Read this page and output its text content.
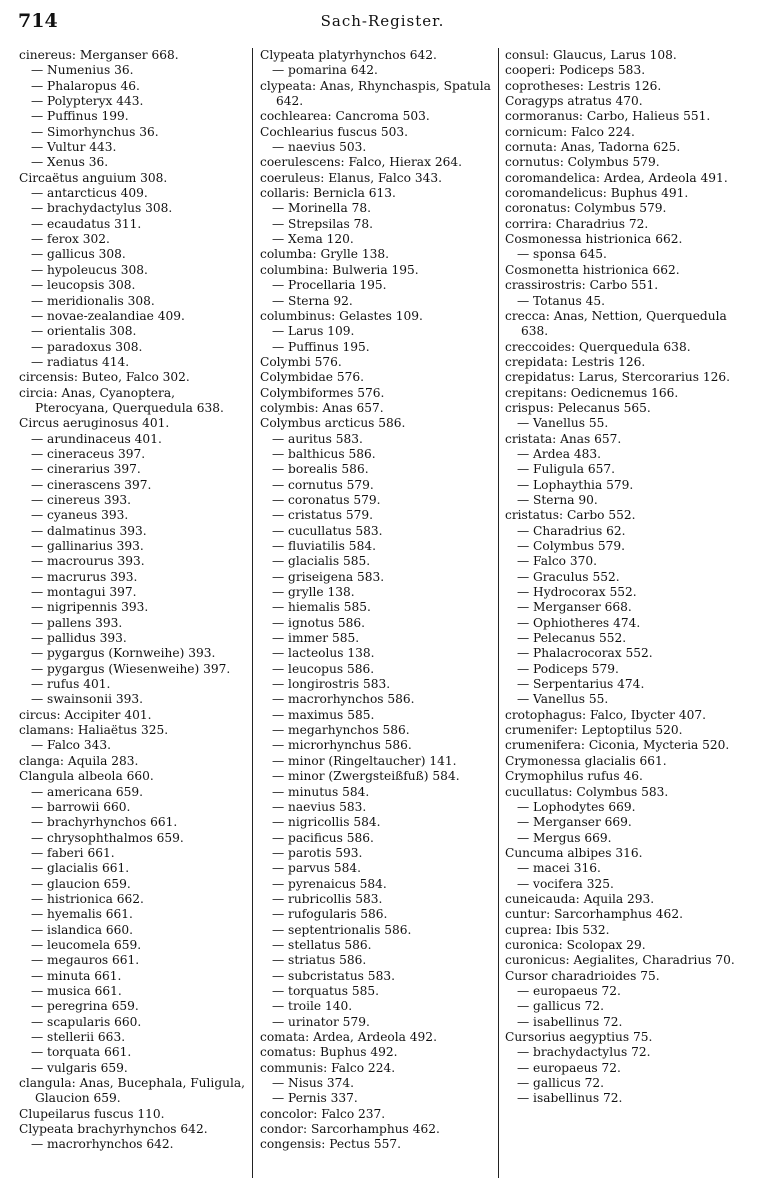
714	Sach-Register.
cinereus: Merganser 668.
— Numenius 36.
— Phalaropus 46.
— Polypteryx 443.
— Puffinus 199.
— Simorhynchus 36.
— Vultur 443.
— Xenus 36.
Circaëtus anguium 308.
— antarcticus 409.
— brachydactylus 308.
— ecaudatus 311.
— ferox 302.
— gallicus 308.
— hypoleucus 308.
— leucopsis 308.
— meridionalis 308.
— novae-zealandiae 409.
— orientalis 308.
— paradoxus 308.
— radiatus 414.
circensis: Buteo, Falco 302.
circia: Anas, Cyanoptera, Pterocyana, Querquedula 638.
Circus aeruginosus 401.
— arundinaceus 401.
— cineraceus 397.
— cinerarius 397.
— cinerascens 397.
— cinereus 393.
— cyaneus 393.
— dalmatinus 393.
— gallinarius 393.
— macrourus 393.
— macrurus 393.
— montagui 397.
— nigripennis 393.
— pallens 393.
— pallidus 393.
— pygargus (Kornweihe) 393.
— pygargus (Wiesenweihe) 397.
— rufus 401.
— swainsonii 393.
circus: Accipiter 401.
clamans: Haliaëtus 325.
— Falco 343.
clanga: Aquila 283.
Clangula albeola 660.
— americana 659.
— barrowii 660.
— brachyrhynchos 661.
— chrysophthalmos 659.
— faberi 661.
— glacialis 661.
— glaucion 659.
— histrionica 662.
— hyemalis 661.
— islandica 660.
— leucomela 659.
— megauros 661.
— minuta 661.
— musica 661.
— peregrina 659.
— scapularis 660.
— stellerii 663.
— torquata 661.
— vulgaris 659.
clangula: Anas, Bucephala, Fuligula, Glaucion 659.
Clupeilarus fuscus 110.
Clypeata brachyrhynchos 642.
— macrorhynchos 642.
Clypeata platyrhynchos 642.
— pomarina 642.
clypeata: Anas, Rhynchaspis, Spatula 642.
cochlearea: Cancroma 503.
Cochlearius fuscus 503.
— naevius 503.
coerulescens: Falco, Hierax 264.
coeruleus: Elanus, Falco 343.
collaris: Bernicla 613.
— Morinella 78.
— Strepsilas 78.
— Xema 120.
columba: Grylle 138.
columbina: Bulweria 195.
— Procellaria 195.
— Sterna 92.
columbinus: Gelastes 109.
— Larus 109.
— Puffinus 195.
Colymbi 576.
Colymbidae 576.
Colymbiformes 576.
colymbis: Anas 657.
Colymbus arcticus 586.
— auritus 583.
— balthicus 586.
— borealis 586.
— cornutus 579.
— coronatus 579.
— cristatus 579.
— cucullatus 583.
— fluviatilis 584.
— glacialis 585.
— griseigena 583.
— grylle 138.
— hiemalis 585.
— ignotus 586.
— immer 585.
— lacteolus 138.
— leucopus 586.
— longirostris 583.
— macrorhynchos 586.
— maximus 585.
— megarhynchos 586.
— microrhynchus 586.
— minor (Ringeltaucher) 141.
— minor (Zwergsteißfuß) 584.
— minutus 584.
— naevius 583.
— nigricollis 584.
— pacificus 586.
— parotis 593.
— parvus 584.
— pyrenaicus 584.
— rubricollis 583.
— rufogularis 586.
— septentrionalis 586.
— stellatus 586.
— striatus 586.
— subcristatus 583.
— torquatus 585.
— troile 140.
— urinator 579.
comata: Ardea, Ardeola 492.
comatus: Buphus 492.
communis: Falco 224.
— Nisus 374.
— Pernis 337.
concolor: Falco 237.
condor: Sarcorhamphus 462.
congensis: Pectus 557.
consul: Glaucus, Larus 108.
cooperi: Podiceps 583.
coprotheses: Lestris 126.
Coragyps atratus 470.
cormoranus: Carbo, Halieus 551.
cornicum: Falco 224.
cornuta: Anas, Tadorna 625.
cornutus: Colymbus 579.
coromandelica: Ardea, Ardeola 491.
coromandelicus: Buphus 491.
coronatus: Colymbus 579.
corrira: Charadrius 72.
Cosmonessa histrionica 662.
— sponsa 645.
Cosmonetta histrionica 662.
crassirostris: Carbo 551.
— Totanus 45.
crecca: Anas, Nettion, Querquedula 638.
creccoides: Querquedula 638.
crepidata: Lestris 126.
crepidatus: Larus, Stercorarius 126.
crepitans: Oedicnemus 166.
crispus: Pelecanus 565.
— Vanellus 55.
cristata: Anas 657.
— Ardea 483.
— Fuligula 657.
— Lophaythia 579.
— Sterna 90.
cristatus: Carbo 552.
— Charadrius 62.
— Colymbus 579.
— Falco 370.
— Graculus 552.
— Hydrocorax 552.
— Merganser 668.
— Ophiotheres 474.
— Pelecanus 552.
— Phalacrocorax 552.
— Podiceps 579.
— Serpentarius 474.
— Vanellus 55.
crotophagus: Falco, Ibycter 407.
crumenifer: Leptoptilus 520.
crumenifera: Ciconia, Mycteria 520.
Crymonessa glacialis 661.
Crymophilus rufus 46.
cucullatus: Colymbus 583.
— Lophodytes 669.
— Merganser 669.
— Mergus 669.
Cuncuma albipes 316.
— macei 316.
— vocifera 325.
cuneicauda: Aquila 293.
cuntur: Sarcorhamphus 462.
cuprea: Ibis 532.
curonica: Scolopax 29.
curonicus: Aegialites, Charadrius 70.
Cursor charadrioides 75.
— europaeus 72.
— gallicus 72.
— isabellinus 72.
Cursorius aegyptius 75.
— brachydactylus 72.
— europaeus 72.
— gallicus 72.
— isabellinus 72.
